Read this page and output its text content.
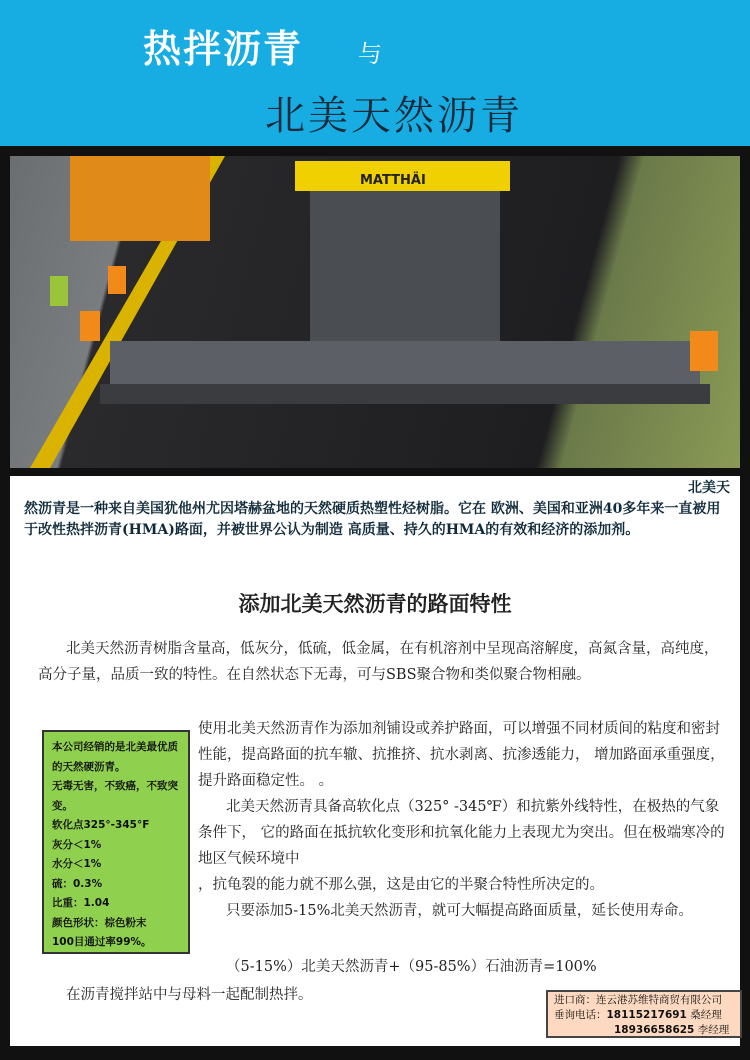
热拌沥青 与
北美天然沥青
MATTHÄI
北美天
然沥青是一种来自美国犹他州尤因塔赫盆地的天然硬质热塑性烃树脂。它在 欧洲、美国和亚洲40多年来一直被用于改性热拌沥青(HMA)路面，并被世界公认为制造 高质量、持久的HMA的有效和经济的添加剂。
添加北美天然沥青的路面特性
北美天然沥青树脂含量高，低灰分，低硫，低金属，在有机溶剂中呈现高溶解度，高氮含量，高纯度，高分子量，品质一致的特性。在自然状态下无毒，可与SBS聚合物和类似聚合物相融。
使用北美天然沥青作为添加剂铺设或养护路面，可以增强不同材质间的粘度和密封性能，提高路面的抗车辙、抗推挤、抗水剥离、抗渗透能力， 增加路面承重强度，提升路面稳定性。 。
北美天然沥青具备高软化点（325° -345℉）和抗紫外线特性，在极热的气象条件下， 它的路面在抵抗软化变形和抗氧化能力上表现尤为突出。但在极端寒冷的地区气候环境中
，抗龟裂的能力就不那么强，这是由它的半聚合特性所决定的。
只要添加5-15%北美天然沥青，就可大幅提高路面质量，延长使用寿命。
（5-15%）北美天然沥青+（95-85%）石油沥青=100%
在沥青搅拌站中与母料一起配制热拌。
本公司经销的是北美最优质的天然硬沥青。
无毒无害，不致癌，不致突变。
软化点325°-345°F
灰分＜1%
水分＜1%
硫：0.3%
比重：1.04
颜色形状：棕色粉末
100目通过率99%。
进口商：连云港苏维特商贸有限公司
垂询电话：18115217691 桑经理
18936658625 李经理
